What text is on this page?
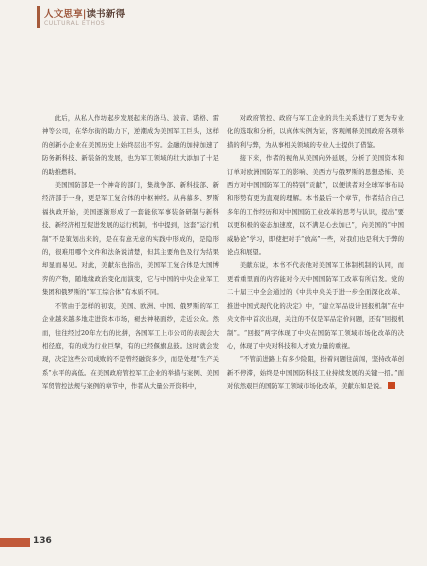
人文思享|读书新得
CULTURAL ETHOS

此后，从私人作坊起步发展起来的洛马、波音、诺格、雷神等公司，在华尔街的助力下，逆潮成为美国军工巨头，这样的创新小企业在美国历史上始终层出不穷。金融的加持加速了防务新科技、新装备的发展，也为军工领域的壮大添加了十足的助推燃料。

美国国防部是一个神奇的部门，集战争部、新科技部、新经济部于一身，更是军工复合体的中枢神经。从冉慕多、罗斯福执政开始，美国逐渐形成了一套能依军事装备研制与新科技、新经济相互促进发展的运行机制，书中提到，这套“运行机制”不是策划出来的，是在有意无意的实践中形成的，是隐形的，很难用哪个文件和法条说清楚，但其主要角色及行为结果却显而易见。对此，美献东也指出，美国军工复合体是大国博弈的产物，随地缘政治变化而演变，它与中国的中央企业军工集团和俄罗斯的“军工综合体”有本质不同。

不管由于怎样的初衷，美国、欧洲、中国、俄罗斯的军工企业越来越多地走进资本市场，褪去神秘面纱，走近公众。然而，往往经过20年左右的比拼，各国军工上市公司的表现会大相径庭，有的成为行业巨擘，有的已经偃旗息鼓。这时就会发现，决定这些公司成败的不是曾经融资多少，而是处理“生产关系”水平的高低。在美国政府管控军工企业的举措与案例、美国军贸管控法规与案例的章节中，作者从大量公开资料中，

对政府管控、政府与军工企业的共生关系进行了更为专业化的选取和分析，以真体实例为证，客观阐释美国政府各项举措的利与弊，为从事相关领域的专业人士提供了借鉴。

接下来，作者的视角从美国向外延展，分析了美国资本和订单对欧洲国防军工的影响、美西方与俄罗斯的思想恐怖、美西方对中国国防军工的特别“贡献”，以便读者对全球军事布局和形势有更为直观的理解。本书最后一个章节，作者结合自己多年的工作经历和对中国国防工业改革的思考与认识，提出“要以更积极的姿态加速度，以不满足心去加已”，向美国的“中国威胁论”学习，即使把对手“放高”一些，对我们也是利大于弊的论点和展望。

美献东说，本书不代表他对美国军工体制机制的认同，而更看重里面的内容能对今天中国国防军工改革有所启发。党的二十届三中全会通过的《中共中央关于进一步全面深化改革、推进中国式现代化的决定》中，“建立军品设计回报机制”在中央文件中首次出现，关注的不仅是军品定价问题，还有“回报机制”。“回报”两字体现了中央在国防军工领域市场化改革的决心，体现了中央对科技和人才致力量的重视。

“不管前进路上有多少险阻，扮着问题往前闯，坚持改革创新不停滞，始终是中国国防科技工业持续发展的关键一招。”面对依然艰巨的国防军工领域市场化改革，美献东如是说。

136
